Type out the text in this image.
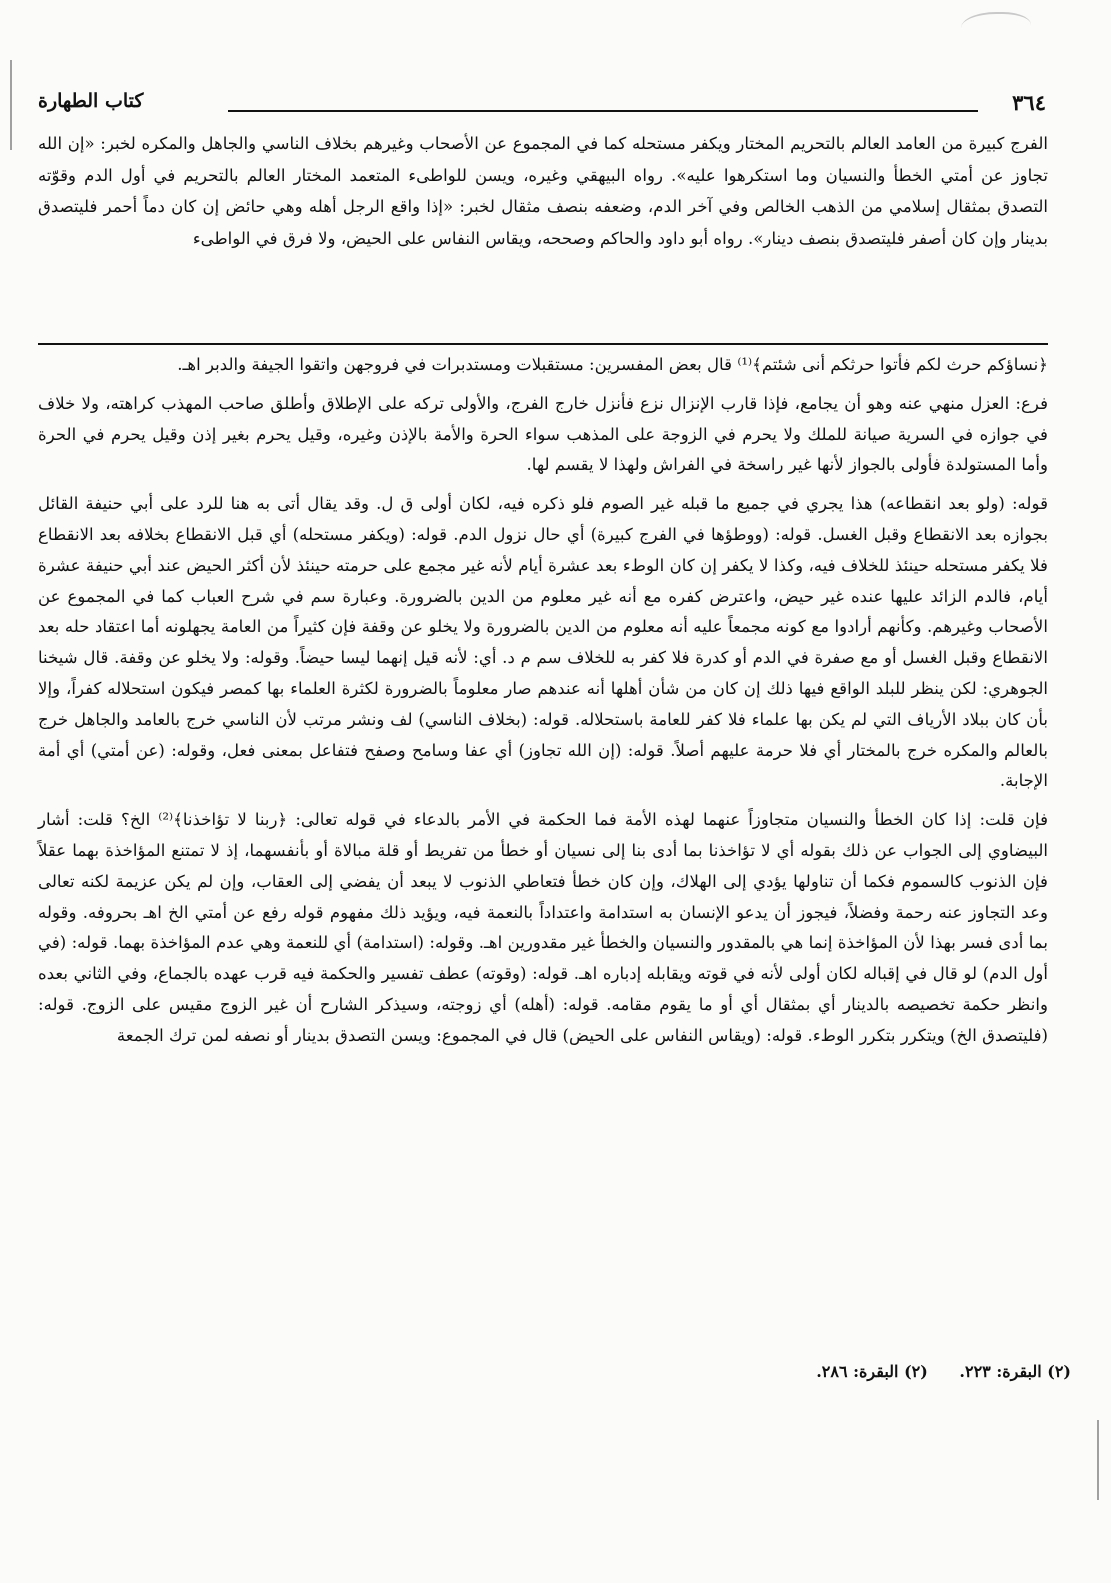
٣٦٤
كتاب الطهارة

الفرج كبيرة من العامد العالم بالتحريم المختار ويكفر مستحله كما في المجموع عن الأصحاب وغيرهم بخلاف الناسي والجاهل والمكره لخبر: «إن الله تجاوز عن أمتي الخطأ والنسيان وما استكرهوا عليه». رواه البيهقي وغيره، ويسن للواطىء المتعمد المختار العالم بالتحريم في أول الدم وقوّته التصدق بمثقال إسلامي من الذهب الخالص وفي آخر الدم، وضعفه بنصف مثقال لخبر: «إذا واقع الرجل أهله وهي حائض إن كان دماً أحمر فليتصدق بدينار وإن كان أصفر فليتصدق بنصف دينار». رواه أبو داود والحاكم وصححه، ويقاس النفاس على الحيض، ولا فرق في الواطىء

﴿نساؤكم حرث لكم فأتوا حرثكم أنى شئتم﴾⁽¹⁾ قال بعض المفسرين: مستقبلات ومستدبرات في فروجهن واتقوا الجيفة والدبر اهـ.

فرع: العزل منهي عنه وهو أن يجامع، فإذا قارب الإنزال نزع فأنزل خارج الفرج، والأولى تركه على الإطلاق وأطلق صاحب المهذب كراهته، ولا خلاف في جوازه في السرية صيانة للملك ولا يحرم في الزوجة على المذهب سواء الحرة والأمة بالإذن وغيره، وقيل يحرم بغير إذن وقيل يحرم في الحرة وأما المستولدة فأولى بالجواز لأنها غير راسخة في الفراش ولهذا لا يقسم لها.

قوله: (ولو بعد انقطاعه) هذا يجري في جميع ما قبله غير الصوم فلو ذكره فيه، لكان أولى ق ل. وقد يقال أتى به هنا للرد على أبي حنيفة القائل بجوازه بعد الانقطاع وقبل الغسل. قوله: (ووطؤها في الفرج كبيرة) أي حال نزول الدم. قوله: (ويكفر مستحله) أي قبل الانقطاع بخلافه بعد الانقطاع فلا يكفر مستحله حينئذ للخلاف فيه، وكذا لا يكفر إن كان الوطء بعد عشرة أيام لأنه غير مجمع على حرمته حينئذ لأن أكثر الحيض عند أبي حنيفة عشرة أيام، فالدم الزائد عليها عنده غير حيض، واعترض كفره مع أنه غير معلوم من الدين بالضرورة. وعبارة سم في شرح العباب كما في المجموع عن الأصحاب وغيرهم. وكأنهم أرادوا مع كونه مجمعاً عليه أنه معلوم من الدين بالضرورة ولا يخلو عن وقفة فإن كثيراً من العامة يجهلونه أما اعتقاد حله بعد الانقطاع وقبل الغسل أو مع صفرة في الدم أو كدرة فلا كفر به للخلاف سم م د. أي: لأنه قيل إنهما ليسا حيضاً. وقوله: ولا يخلو عن وقفة. قال شيخنا الجوهري: لكن ينظر للبلد الواقع فيها ذلك إن كان من شأن أهلها أنه عندهم صار معلوماً بالضرورة لكثرة العلماء بها كمصر فيكون استحلاله كفراً، وإلا بأن كان ببلاد الأرياف التي لم يكن بها علماء فلا كفر للعامة باستحلاله. قوله: (بخلاف الناسي) لف ونشر مرتب لأن الناسي خرج بالعامد والجاهل خرج بالعالم والمكره خرج بالمختار أي فلا حرمة عليهم أصلاً. قوله: (إن الله تجاوز) أي عفا وسامح وصفح فتفاعل بمعنى فعل، وقوله: (عن أمتي) أي أمة الإجابة.

فإن قلت: إذا كان الخطأ والنسيان متجاوزاً عنهما لهذه الأمة فما الحكمة في الأمر بالدعاء في قوله تعالى: ﴿ربنا لا تؤاخذنا﴾⁽²⁾ الخ؟ قلت: أشار البيضاوي إلى الجواب عن ذلك بقوله أي لا تؤاخذنا بما أدى بنا إلى نسيان أو خطأ من تفريط أو قلة مبالاة أو بأنفسهما، إذ لا تمتنع المؤاخذة بهما عقلاً فإن الذنوب كالسموم فكما أن تناولها يؤدي إلى الهلاك، وإن كان خطأ فتعاطي الذنوب لا يبعد أن يفضي إلى العقاب، وإن لم يكن عزيمة لكنه تعالى وعد التجاوز عنه رحمة وفضلاً، فيجوز أن يدعو الإنسان به استدامة واعتداداً بالنعمة فيه، ويؤيد ذلك مفهوم قوله رفع عن أمتي الخ اهـ بحروفه. وقوله بما أدى فسر بهذا لأن المؤاخذة إنما هي بالمقدور والنسيان والخطأ غير مقدورين اهـ. وقوله: (استدامة) أي للنعمة وهي عدم المؤاخذة بهما. قوله: (في أول الدم) لو قال في إقباله لكان أولى لأنه في قوته ويقابله إدباره اهـ. قوله: (وقوته) عطف تفسير والحكمة فيه قرب عهده بالجماع، وفي الثاني بعده وانظر حكمة تخصيصه بالدينار أي بمثقال أي أو ما يقوم مقامه. قوله: (أهله) أي زوجته، وسيذكر الشارح أن غير الزوج مقيس على الزوج. قوله: (فليتصدق الخ) ويتكرر بتكرر الوطء. قوله: (ويقاس النفاس على الحيض) قال في المجموع: ويسن التصدق بدينار أو نصفه لمن ترك الجمعة

(٢) البقرة: ٢٢٣. (٢) البقرة: ٢٨٦.
